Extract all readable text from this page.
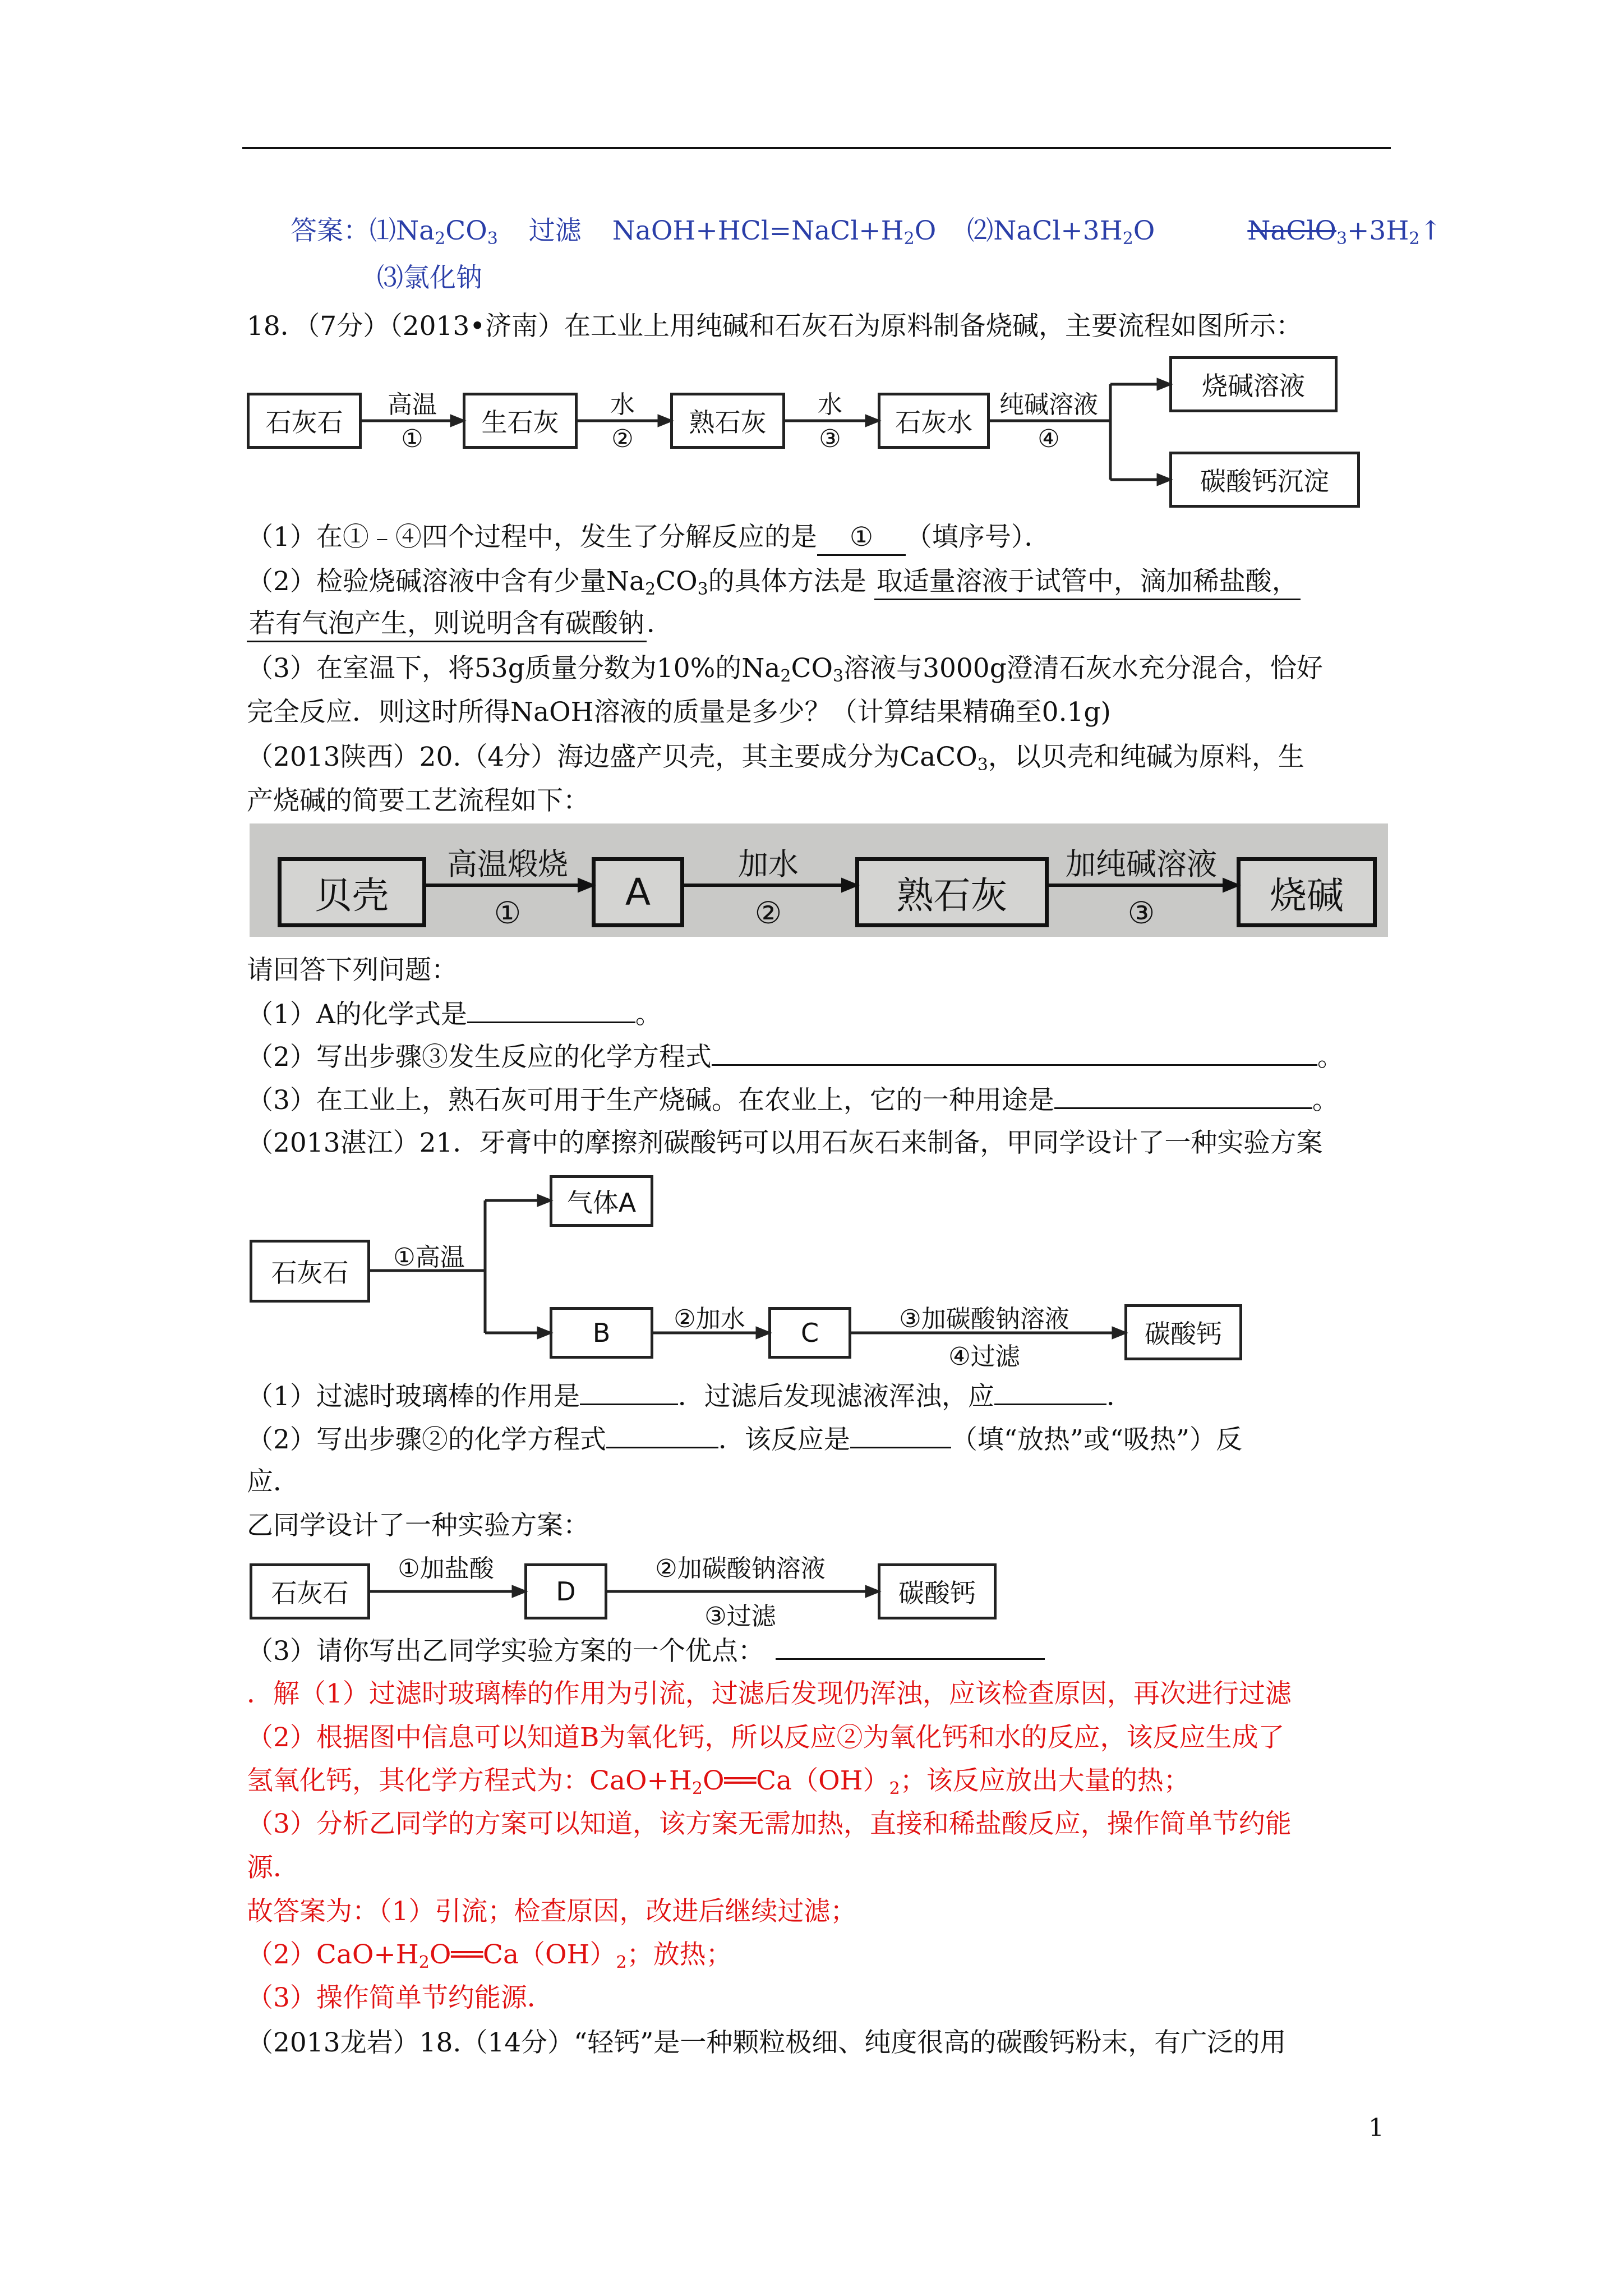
答案：$⑴Na_2CO_3$ 过滤 $NaOH+HCl=NaCl+H_2O$ $⑵NaCl+3H_2O$	$NaClO_3+3H_2↑$
⑶氯化钠
18．（7分）（2013•济南）在工业上用纯碱和石灰石为原料制备烧碱，主要流程如图所示：
石灰石	生石灰	熟石灰	石灰水
烧碱溶液
碳酸钙沉淀
高温
①
水
②
水
③
纯碱溶液
④
（1）在①﹣④四个过程中，发生了分解反应的是 ① （填序号）．
（2）检验烧碱溶液中含有少量$Na_2CO_3$的具体方法是 取适量溶液于试管中，滴加稀盐酸，
若有气泡产生，则说明含有碳酸钠．
（3）在室温下，将53g质量分数为10%的$Na_2CO_3$溶液与3000g澄清石灰水充分混合，恰好
完全反应．则这时所得NaOH溶液的质量是多少？（计算结果精确至0.1g)
（2013陕西）20.（4分）海边盛产贝壳，其主要成分为CaCO$_3$，以贝壳和纯碱为原料，生
产烧碱的简要工艺流程如下：
贝壳	A	熟石灰	烧碱
高温煅烧
①
加水
②
加纯碱溶液
③
请回答下列问题：
（1）A的化学式是	。
（2）写出步骤③发生反应的化学方程式	。
（3）在工业上，熟石灰可用于生产烧碱。在农业上，它的一种用途是	。
（2013湛江）21．牙膏中的摩擦剂碳酸钙可以用石灰石来制备，甲同学设计了一种实验方案
石灰石
气体A
B	C	碳酸钙
①高温
②加水	③加碳酸钠溶液
④过滤
（1）过滤时玻璃棒的作用是	．过滤后发现滤液浑浊，应	．
（2）写出步骤②的化学方程式	．该反应是	（填“放热”或“吸热”）反
应．
乙同学设计了一种实验方案：
石灰石	D	碳酸钙
①加盐酸	②加碳酸钠溶液
③过滤
（3）请你写出乙同学实验方案的一个优点：
．解（1）过滤时玻璃棒的作用为引流，过滤后发现仍浑浊，应该检查原因，再次进行过滤
（2）根据图中信息可以知道B为氧化钙，所以反应②为氧化钙和水的反应，该反应生成了
氢氧化钙，其化学方程式为：$CaO+H_2O══Ca(OH)_2$；该反应放出大量的热；
（3）分析乙同学的方案可以知道，该方案无需加热，直接和稀盐酸反应，操作简单节约能
源．
故答案为：（1）引流；检查原因，改进后继续过滤；
$(2)CaO+H_2O══Ca(OH)_2$；放热；
（3）操作简单节约能源．
（2013龙岩）18.（14分）“轻钙”是一种颗粒极细、纯度很高的碳酸钙粉末，有广泛的用
1
